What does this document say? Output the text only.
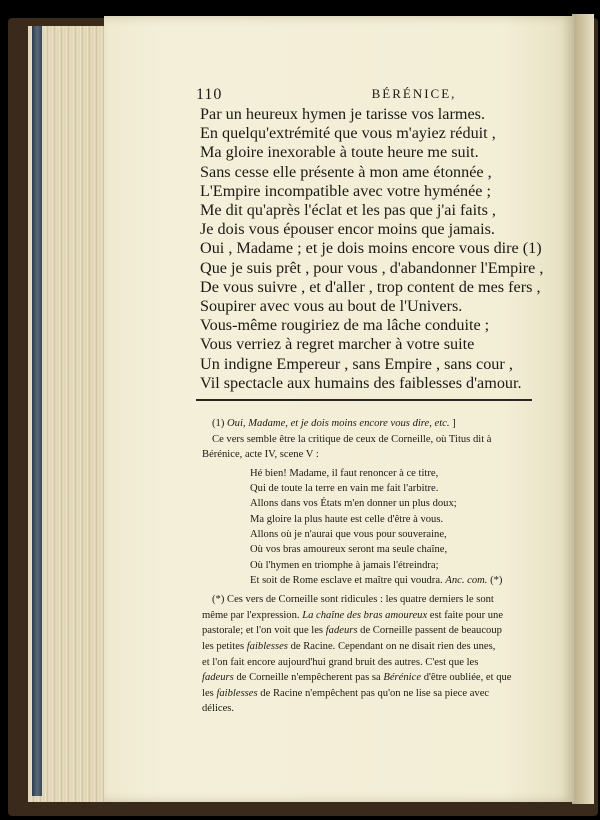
110	BÉRÉNICE,
Par un heureux hymen je tarisse vos larmes.
En quelqu'extrémité que vous m'ayiez réduit ,
Ma gloire inexorable à toute heure me suit.
Sans cesse elle présente à mon ame étonnée ,
L'Empire incompatible avec votre hyménée ;
Me dit qu'après l'éclat et les pas que j'ai faits ,
Je dois vous épouser encor moins que jamais.
Oui , Madame ; et je dois moins encore vous dire (1)
Que je suis prêt , pour vous , d'abandonner l'Empire ,
De vous suivre , et d'aller , trop content de mes fers ,
Soupirer avec vous au bout de l'Univers.
Vous-même rougiriez de ma lâche conduite ;
Vous verriez à regret marcher à votre suite
Un indigne Empereur , sans Empire , sans cour ,
Vil spectacle aux humains des faiblesses d'amour.
(1) Oui, Madame, et je dois moins encore vous dire, etc. ]
Ce vers semble être la critique de ceux de Corneille, où Titus dit à
Bérénice, acte IV, scene V :
Hé bien! Madame, il faut renoncer à ce titre,
Qui de toute la terre en vain me fait l'arbitre.
Allons dans vos États m'en donner un plus doux;
Ma gloire la plus haute est celle d'être à vous.
Allons où je n'aurai que vous pour souveraine,
Où vos bras amoureux seront ma seule chaîne,
Où l'hymen en triomphe à jamais l'étreindra;
Et soit de Rome esclave et maître qui voudra. Anc. com. (*)
(*) Ces vers de Corneille sont ridicules : les quatre derniers le sont
même par l'expression. La chaîne des bras amoureux est faite pour une
pastorale; et l'on voit que les fadeurs de Corneille passent de beaucoup
les petites faiblesses de Racine. Cependant on ne disait rien des unes,
et l'on fait encore aujourd'hui grand bruit des autres. C'est que les
fadeurs de Corneille n'empêcherent pas sa Bérénice d'être oubliée, et que
les faiblesses de Racine n'empêchent pas qu'on ne lise sa piece avec
délices.
